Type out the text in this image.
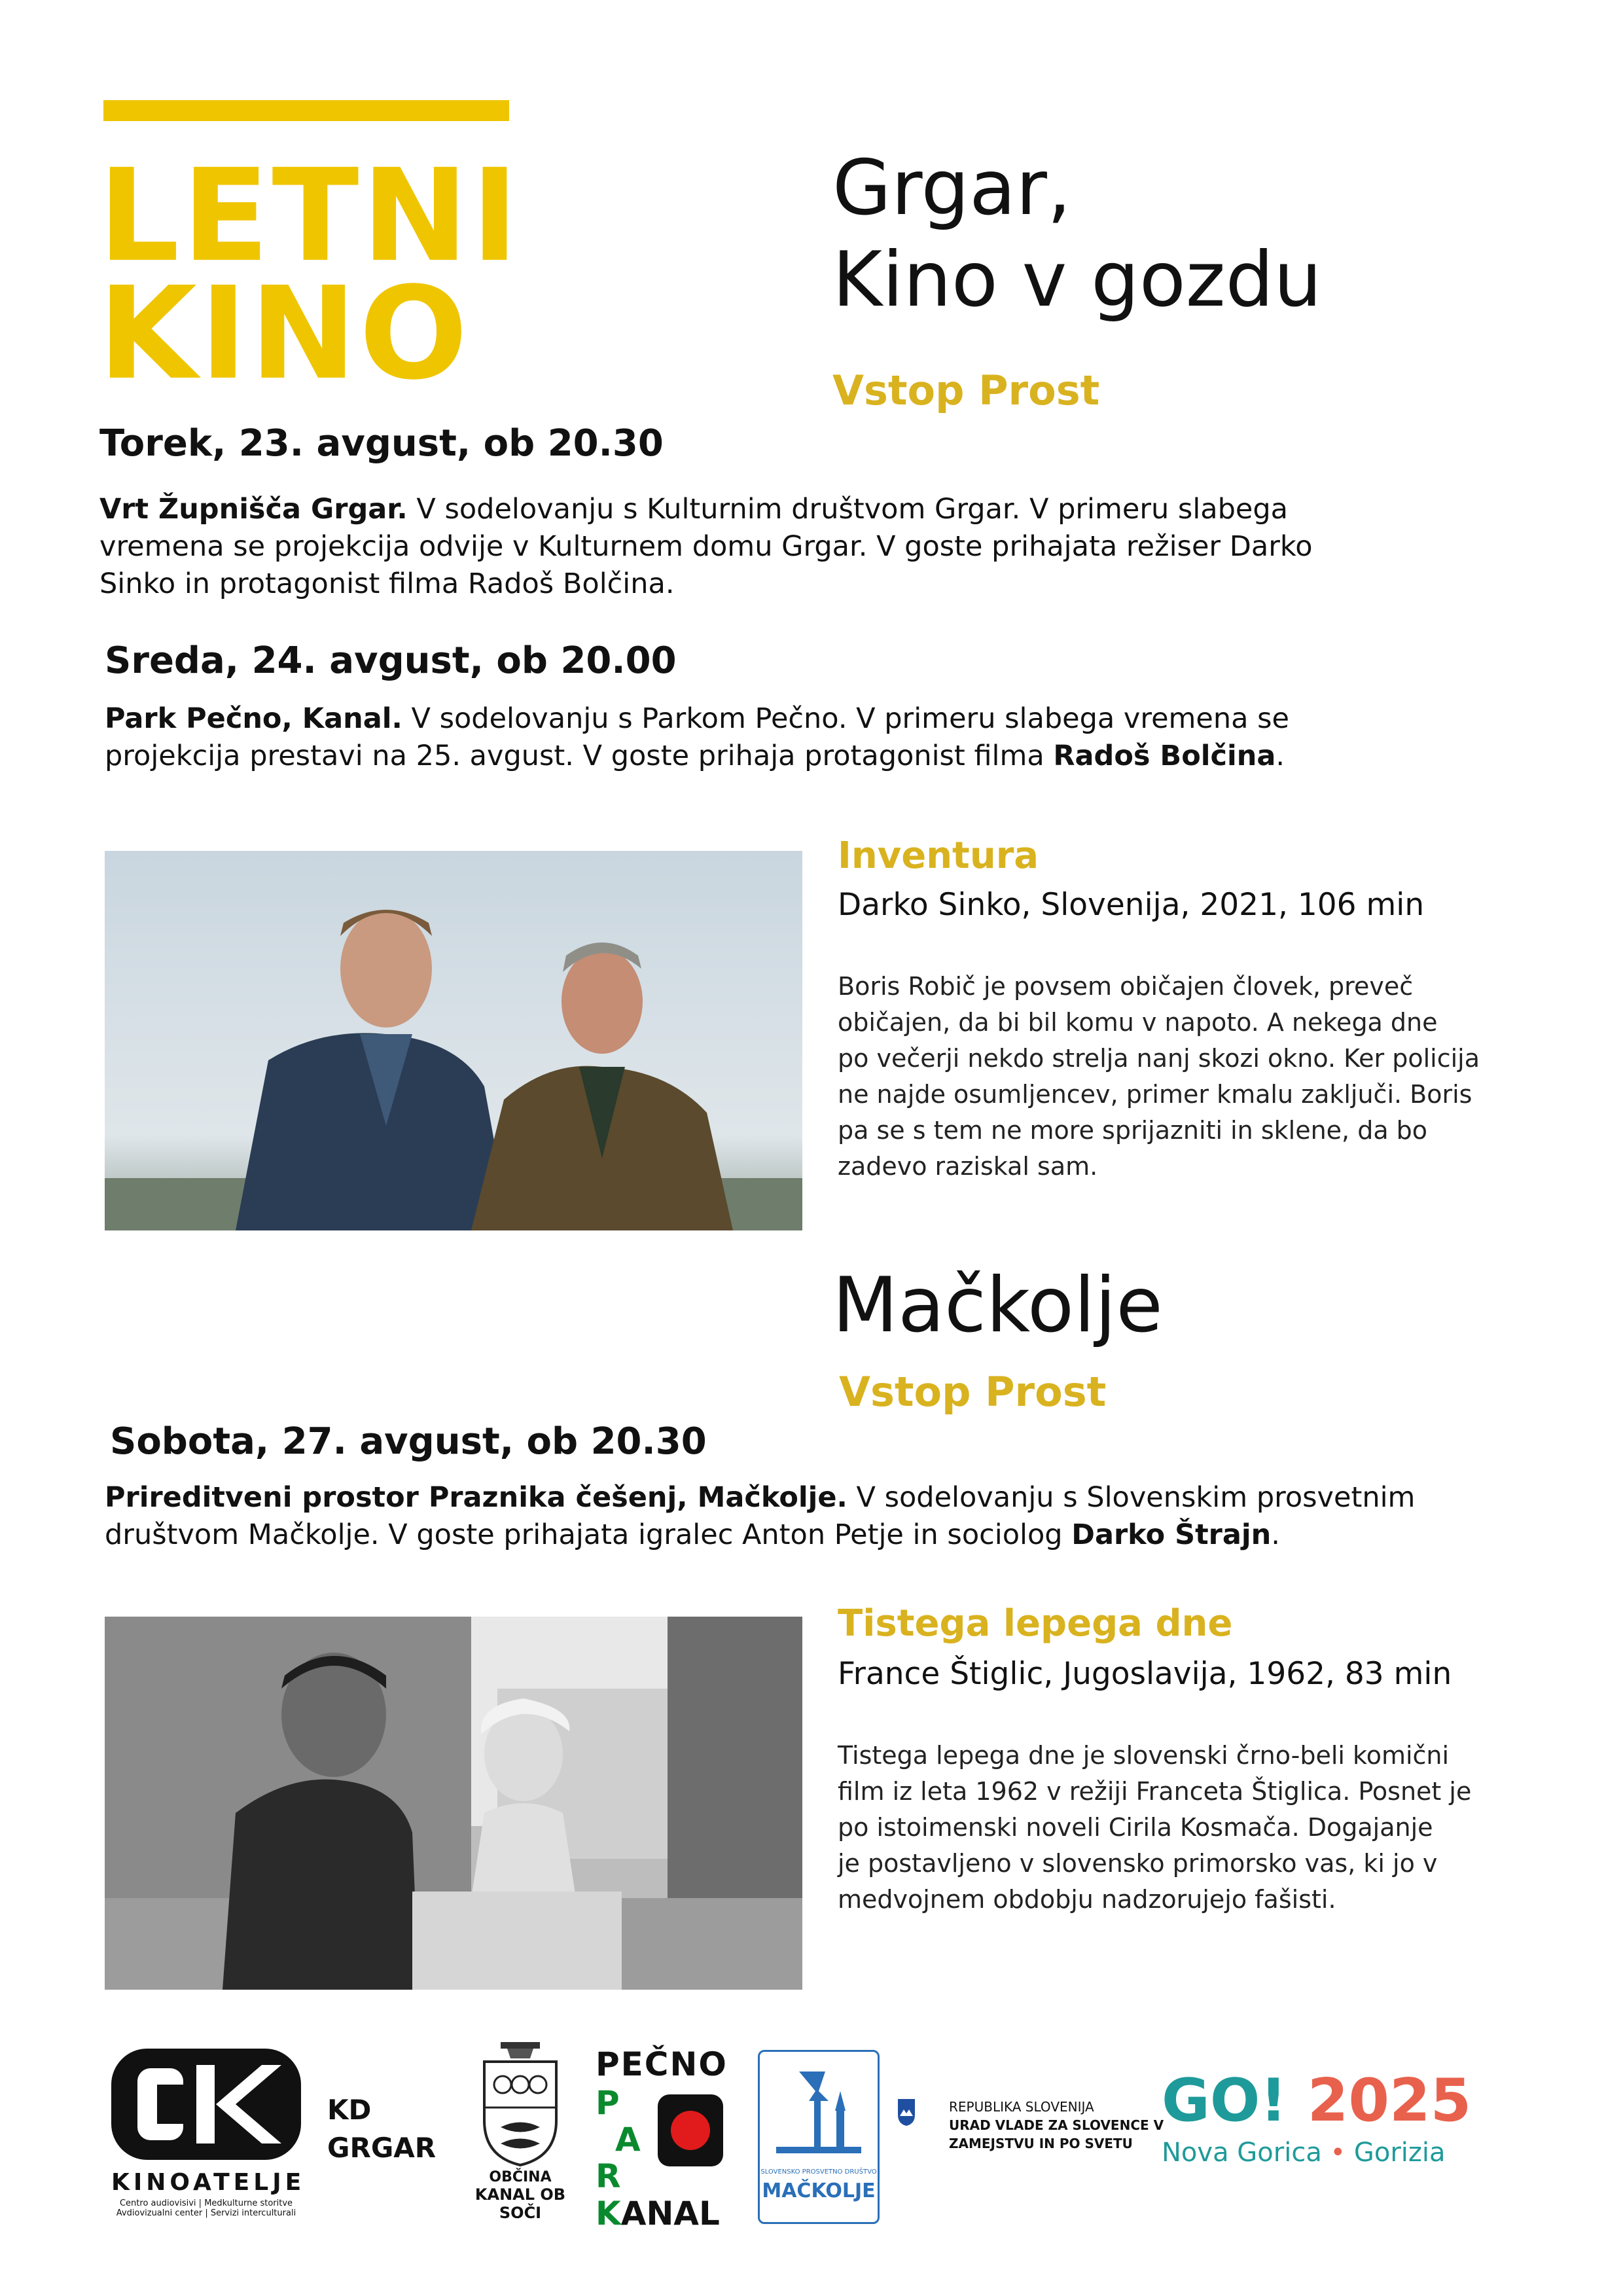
LETNI
KINO
Grgar,
Kino v gozdu
Vstop Prost
Torek, 23. avgust, ob 20.30
Vrt Župnišča Grgar. V sodelovanju s Kulturnim društvom Grgar. V primeru slabega
vremena se projekcija odvije v Kulturnem domu Grgar. V goste prihajata režiser Darko
Sinko in protagonist filma Radoš Bolčina.
Sreda, 24. avgust, ob 20.00
Park Pečno, Kanal. V sodelovanju s Parkom Pečno. V primeru slabega vremena se
projekcija prestavi na 25. avgust. V goste prihaja protagonist filma Radoš Bolčina.
Inventura
Darko Sinko, Slovenija, 2021, 106 min
Boris Robič je povsem običajen človek, preveč
običajen, da bi bil komu v napoto. A nekega dne
po večerji nekdo strelja nanj skozi okno. Ker policija
ne najde osumljencev, primer kmalu zaključi. Boris
pa se s tem ne more sprijazniti in sklene, da bo
zadevo raziskal sam.
Mačkolje
Vstop Prost
Sobota, 27. avgust, ob 20.30
Prireditveni prostor Praznika češenj, Mačkolje. V sodelovanju s Slovenskim prosvetnim
društvom Mačkolje. V goste prihajata igralec Anton Petje in sociolog Darko Štrajn.
Tistega lepega dne
France Štiglic, Jugoslavija, 1962, 83 min
Tistega lepega dne je slovenski črno-beli komični
film iz leta 1962 v režiji Franceta Štiglica. Posnet je
po istoimenski noveli Cirila Kosmača. Dogajanje
je postavljeno v slovensko primorsko vas, ki jo v
medvojnem obdobju nadzorujejo fašisti.
KINOATELJE
Centro audiovisivi | Medkulturne storitve
Avdiovizualni center | Servizi interculturali
KD
GRGAR
OBČINA
KANAL OB SOČI
PEČNO
P
A
R
KANAL
SLOVENSKO PROSVETNO DRUŠTVO
MAČKOLJE
REPUBLIKA SLOVENIJA
URAD VLADE ZA SLOVENCE V
ZAMEJSTVU IN PO SVETU
GO! 2025
Nova Gorica • Gorizia
